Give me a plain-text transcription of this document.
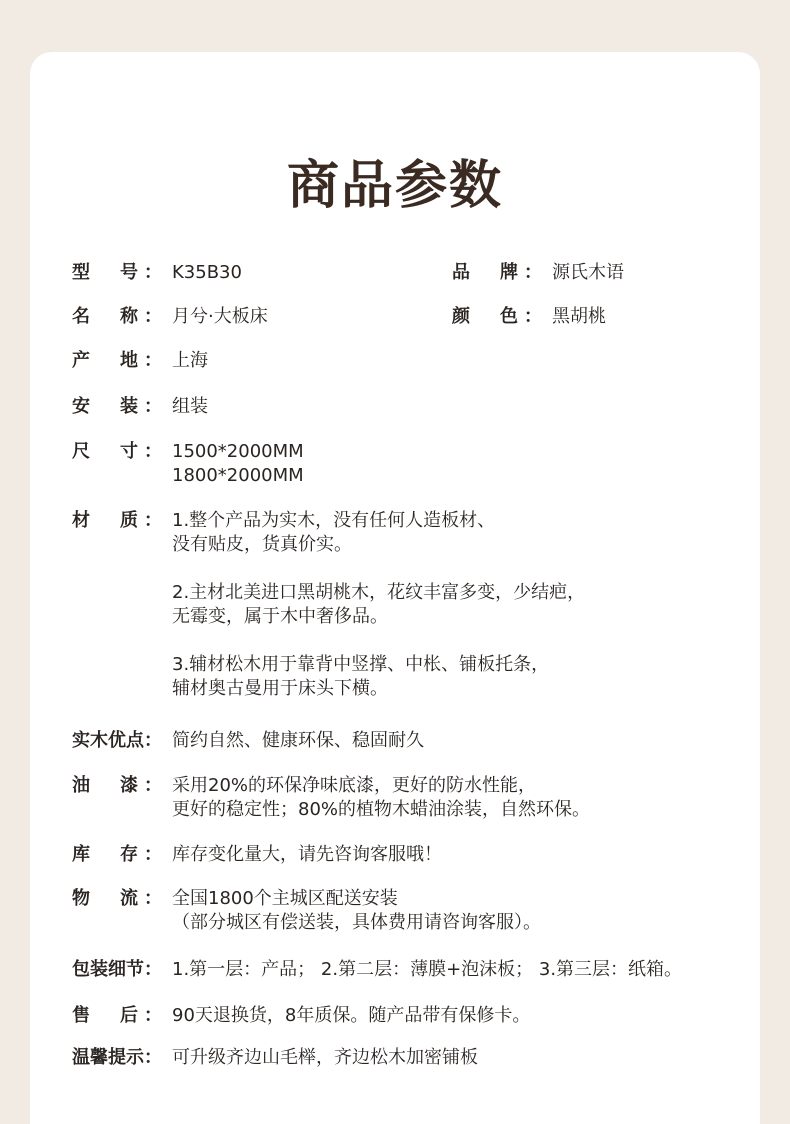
商品参数
型 号 ： K35B30	品 牌 ： 源氏木语
名 称 ： 月兮·大板床	颜 色 ： 黑胡桃
产 地 ： 上海
安 装 ： 组装
尺 寸 ： 1500*2000MM
1800*2000MM
材 质 ： 1.整个产品为实木，没有任何人造板材、
没有贴皮，货真价实。
2.主材北美进口黑胡桃木，花纹丰富多变，少结疤，
无霉变，属于木中奢侈品。
3.辅材松木用于靠背中竖撑、中枨、铺板托条，
辅材奥古曼用于床头下横。
实木优点 ： 简约自然、健康环保、稳固耐久
油 漆 ： 采用20%的环保净味底漆，更好的防水性能，
更好的稳定性；80%的植物木蜡油涂装，自然环保。
库 存 ： 库存变化量大，请先咨询客服哦！
物 流 ： 全国1800个主城区配送安装
（部分城区有偿送装，具体费用请咨询客服）。
包装细节 ： 1.第一层：产品； 2.第二层：薄膜+泡沫板； 3.第三层：纸箱。
售 后 ： 90天退换货，8年质保。随产品带有保修卡。
温馨提示 ： 可升级齐边山毛榉，齐边松木加密铺板
